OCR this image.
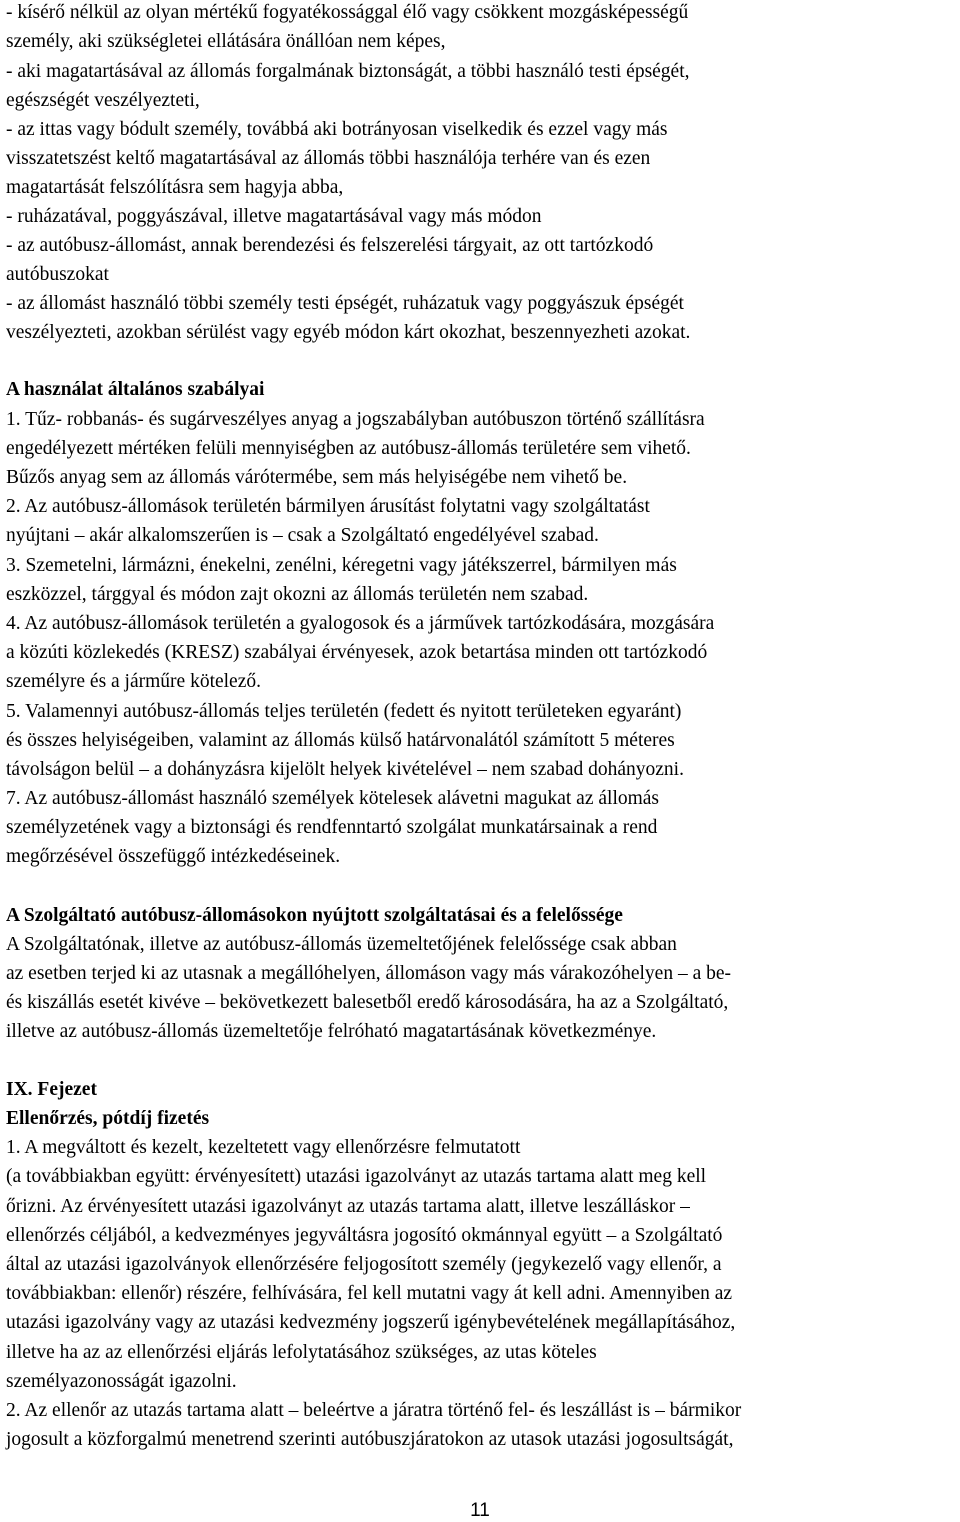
- kísérő nélkül az olyan mértékű fogyatékossággal élő vagy csökkent mozgásképességű
személy, aki szükségletei ellátására önállóan nem képes,
- aki magatartásával az állomás forgalmának biztonságát, a többi használó testi épségét,
egészségét veszélyezteti,
- az ittas vagy bódult személy, továbbá aki botrányosan viselkedik és ezzel vagy más
visszatetszést keltő magatartásával az állomás többi használója terhére van és ezen
magatartását felszólításra sem hagyja abba,
- ruházatával, poggyászával, illetve magatartásával vagy más módon
- az autóbusz-állomást, annak berendezési és felszerelési tárgyait, az ott tartózkodó
autóbuszokat
- az állomást használó többi személy testi épségét, ruházatuk vagy poggyászuk épségét
veszélyezteti, azokban sérülést vagy egyéb módon kárt okozhat, beszennyezheti azokat.
A használat általános szabályai
1. Tűz- robbanás- és sugárveszélyes anyag a jogszabályban autóbuszon történő szállításra
engedélyezett mértéken felüli mennyiségben az autóbusz-állomás területére sem vihető.
Bűzős anyag sem az állomás várótermébe, sem más helyiségébe nem vihető be.
2. Az autóbusz-állomások területén bármilyen árusítást folytatni vagy szolgáltatást
nyújtani – akár alkalomszerűen is – csak a Szolgáltató engedélyével szabad.
3. Szemetelni, lármázni, énekelni, zenélni, kéregetni vagy játékszerrel, bármilyen más
eszközzel, tárggyal és módon zajt okozni az állomás területén nem szabad.
4. Az autóbusz-állomások területén a gyalogosok és a járművek tartózkodására, mozgására
a közúti közlekedés (KRESZ) szabályai érvényesek, azok betartása minden ott tartózkodó
személyre és a járműre kötelező.
5. Valamennyi autóbusz-állomás teljes területén (fedett és nyitott területeken egyaránt)
és összes helyiségeiben, valamint az állomás külső határvonalától számított 5 méteres
távolságon belül – a dohányzásra kijelölt helyek kivételével – nem szabad dohányozni.
7. Az autóbusz-állomást használó személyek kötelesek alávetni magukat az állomás
személyzetének vagy a biztonsági és rendfenntartó szolgálat munkatársainak a rend
megőrzésével összefüggő intézkedéseinek.
A Szolgáltató autóbusz-állomásokon nyújtott szolgáltatásai és a felelőssége
A Szolgáltatónak, illetve az autóbusz-állomás üzemeltetőjének felelőssége csak abban
az esetben terjed ki az utasnak a megállóhelyen, állomáson vagy más várakozóhelyen – a be-
és kiszállás esetét kivéve – bekövetkezett balesetből eredő károsodására, ha az a Szolgáltató,
illetve az autóbusz-állomás üzemeltetője felróható magatartásának következménye.
IX. Fejezet
Ellenőrzés, pótdíj fizetés
1. A megváltott és kezelt, kezeltetett vagy ellenőrzésre felmutatott
(a továbbiakban együtt: érvényesített) utazási igazolványt az utazás tartama alatt meg kell
őrizni. Az érvényesített utazási igazolványt az utazás tartama alatt, illetve leszálláskor –
ellenőrzés céljából, a kedvezményes jegyváltásra jogosító okmánnyal együtt – a Szolgáltató
által az utazási igazolványok ellenőrzésére feljogosított személy (jegykezelő vagy ellenőr, a
továbbiakban: ellenőr) részére, felhívására, fel kell mutatni vagy át kell adni. Amennyiben az
utazási igazolvány vagy az utazási kedvezmény jogszerű igénybevételének megállapításához,
illetve ha az az ellenőrzési eljárás lefolytatásához szükséges, az utas köteles
személyazonosságát igazolni.
2. Az ellenőr az utazás tartama alatt – beleértve a járatra történő fel- és leszállást is – bármikor
jogosult a közforgalmú menetrend szerinti autóbuszjáratokon az utasok utazási jogosultságát,
11
